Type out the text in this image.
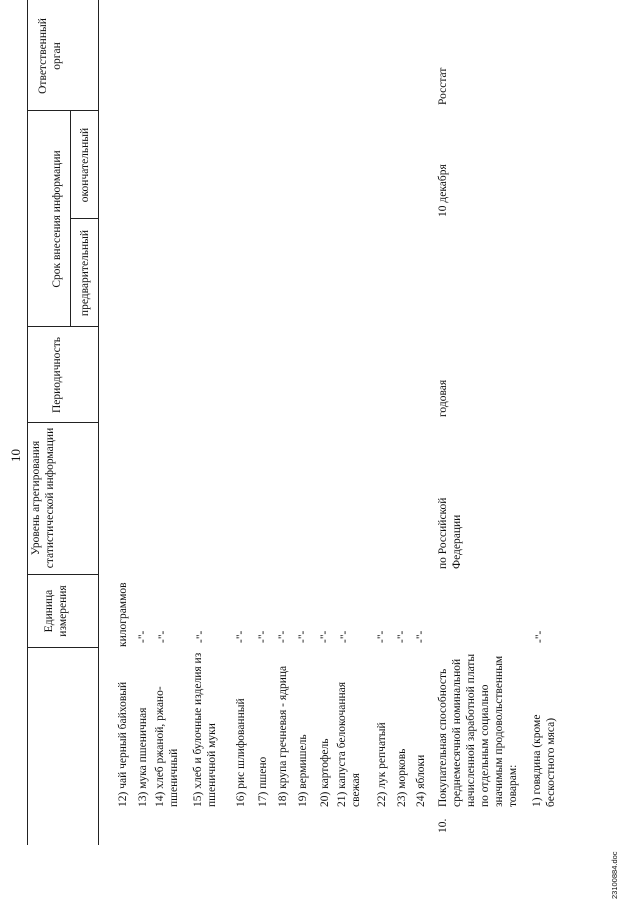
10
Единица измерения
Уровень агрегирования статистической информации
Периодичность
Срок внесения информации предварительный
окончательный
Ответственный орган
12) чай черный байховый
килограммов
13) мука пшеничная
-"-
14) хлеб ржаной, ржано-пшеничный
-"-
15) хлеб и булочные изделия из пшеничной муки
-"-
16) рис шлифованный
-"-
17) пшено
-"-
18) крупа гречневая - ядрица
-"-
19) вермишель
-"-
20) картофель
-"-
21) капуста белокочанная свежая
-"-
22) лук репчатый
-"-
23) морковь
-"-
24) яблоки
-"-
10.
Покупательная способность среднемесячной номинальной начисленной заработной платы по отдельным социально значимым продовольственным товарам:
по Российской Федерации
годовая
10 декабря
Росстат
1) говядина (кроме бескостного мяса)
-"-
23100884.doc
